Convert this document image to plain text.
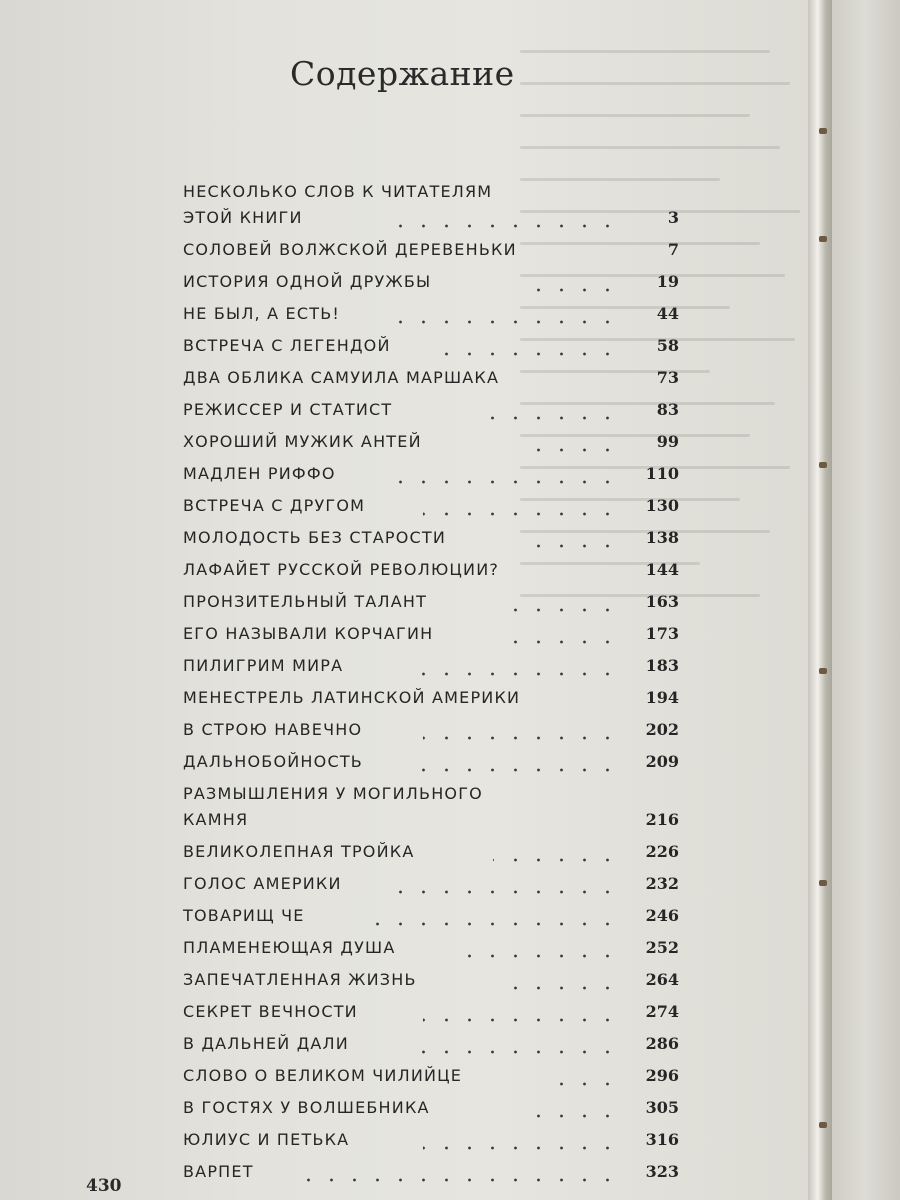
Содержание
НЕСКОЛЬКО СЛОВ К ЧИТАТЕЛЯМ
ЭТОЙ КНИГИ	3
СОЛОВЕЙ ВОЛЖСКОЙ ДЕРЕВЕНЬКИ	7
ИСТОРИЯ ОДНОЙ ДРУЖБЫ	19
НЕ БЫЛ, А ЕСТЬ!	44
ВСТРЕЧА С ЛЕГЕНДОЙ	58
ДВА ОБЛИКА САМУИЛА МАРШАКА	73
РЕЖИССЕР И СТАТИСТ	83
ХОРОШИЙ МУЖИК АНТЕЙ	99
МАДЛЕН РИФФО	110
ВСТРЕЧА С ДРУГОМ	130
МОЛОДОСТЬ БЕЗ СТАРОСТИ	138
ЛАФАЙЕТ РУССКОЙ РЕВОЛЮЦИИ?	144
ПРОНЗИТЕЛЬНЫЙ ТАЛАНТ	163
ЕГО НАЗЫВАЛИ КОРЧАГИН	173
ПИЛИГРИМ МИРА	183
МЕНЕСТРЕЛЬ ЛАТИНСКОЙ АМЕРИКИ	194
В СТРОЮ НАВЕЧНО	202
ДАЛЬНОБОЙНОСТЬ	209
РАЗМЫШЛЕНИЯ У МОГИЛЬНОГО
КАМНЯ	216
ВЕЛИКОЛЕПНАЯ ТРОЙКА	226
ГОЛОС АМЕРИКИ	232
ТОВАРИЩ ЧЕ	246
ПЛАМЕНЕЮЩАЯ ДУША	252
ЗАПЕЧАТЛЕННАЯ ЖИЗНЬ	264
СЕКРЕТ ВЕЧНОСТИ	274
В ДАЛЬНЕЙ ДАЛИ	286
СЛОВО О ВЕЛИКОМ ЧИЛИЙЦЕ	296
В ГОСТЯХ У ВОЛШЕБНИКА	305
ЮЛИУС И ПЕТЬКА	316
ВАРПЕТ	323
430
